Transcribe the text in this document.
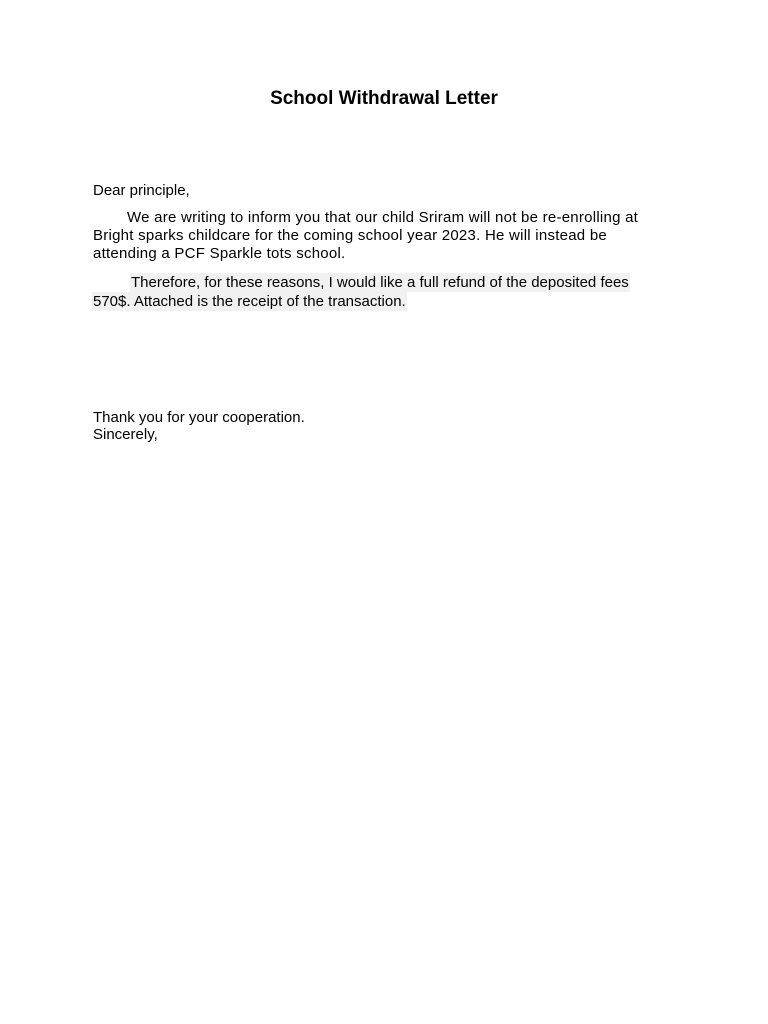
School Withdrawal Letter
Dear principle,

We are writing to inform you that our child Sriram will not be re-enrolling at Bright sparks childcare for the coming school year 2023. He will instead be attending a PCF Sparkle tots school.

Therefore, for these reasons, I would like a full refund of the deposited fees
570$. Attached is the receipt of the transaction.

Thank you for your cooperation.
Sincerely,
